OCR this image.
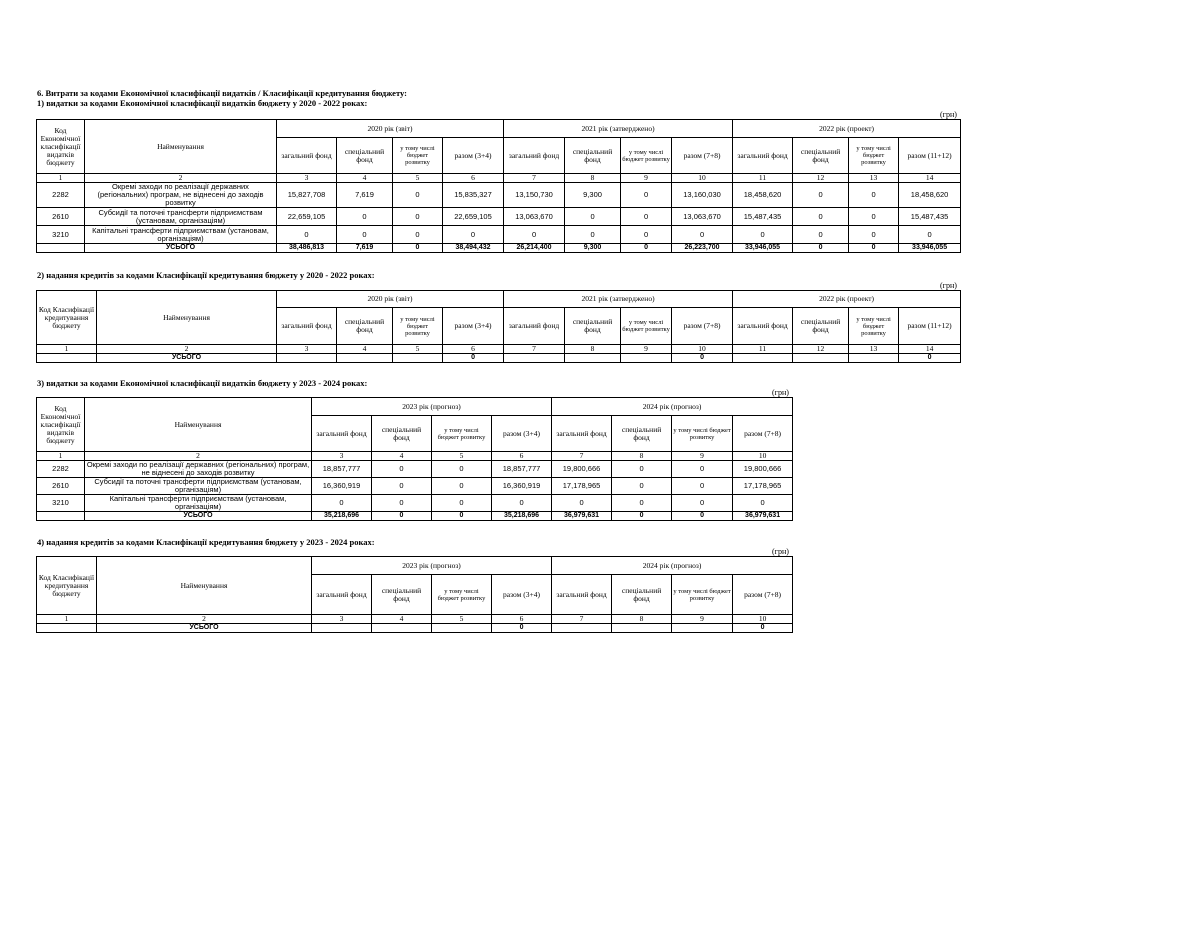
6. Витрати за кодами Економічної класифікації видатків / Класифікації кредитування бюджету:
1) видатки за кодами Економічної класифікації видатків бюджету у 2020 - 2022 роках:
(грн)
Код Економічної класифікації видатків бюджету	Найменування	2020 рік (звіт)				2021 рік (затверджено)				2022 рік (проект)			
		загальний фонд	спеціальний фонд	у тому числі бюджет розвитку	разом (3+4)	загальний фонд	спеціальний фонд	у тому числі бюджет розвитку	разом (7+8)	загальний фонд	спеціальний фонд	у тому числі бюджет розвитку	разом (11+12)
1	2	3	4	5	6	7	8	9	10	11	12	13	14
2282	Окремі заходи по реалізації державних (регіональних) програм, не віднесені до заходів розвитку	15,827,708	7,619	0	15,835,327	13,150,730	9,300	0	13,160,030	18,458,620	0	0	18,458,620
2610	Субсидії та поточні трансферти підприємствам (установам, організаціям)	22,659,105	0	0	22,659,105	13,063,670	0	0	13,063,670	15,487,435	0	0	15,487,435
3210	Капітальні трансферти підприємствам (установам, організаціям)	0	0	0	0	0	0	0	0	0	0	0	0
	УСЬОГО	38,486,813	7,619	0	38,494,432	26,214,400	9,300	0	26,223,700	33,946,055	0	0	33,946,055
2) надання кредитів за кодами Класифікації кредитування бюджету у 2020 - 2022 роках:
(грн)
Код Класифікації кредитування бюджету	Найменування	2020 рік (звіт)				2021 рік (затверджено)				2022 рік (проект)			
		загальний фонд	спеціальний фонд	у тому числі бюджет розвитку	разом (3+4)	загальний фонд	спеціальний фонд	у тому числі бюджет розвитку	разом (7+8)	загальний фонд	спеціальний фонд	у тому числі бюджет розвитку	разом (11+12)
1	2	3	4	5	6	7	8	9	10	11	12	13	14
	УСЬОГО				0				0				0
3) видатки за кодами Економічної класифікації видатків бюджету у 2023 - 2024 роках:
(грн)
Код Економічної класифікації видатків бюджету	Найменування	2023 рік (прогноз)				2024 рік (прогноз)			
		загальний фонд	спеціальний фонд	у тому числі бюджет розвитку	разом (3+4)	загальний фонд	спеціальний фонд	у тому числі бюджет розвитку	разом (7+8)
1	2	3	4	5	6	7	8	9	10
2282	Окремі заходи по реалізації державних (регіональних) програм, не віднесені до заходів розвитку	18,857,777	0	0	18,857,777	19,800,666	0	0	19,800,666
2610	Субсидії та поточні трансферти підприємствам (установам, організаціям)	16,360,919	0	0	16,360,919	17,178,965	0	0	17,178,965
3210	Капітальні трансферти підприємствам (установам, організаціям)	0	0	0	0	0	0	0	0
	УСЬОГО	35,218,696	0	0	35,218,696	36,979,631	0	0	36,979,631
4) надання кредитів за кодами Класифікації кредитування бюджету у 2023 - 2024 роках:
(грн)
Код Класифікації кредитування бюджету	Найменування	2023 рік (прогноз)				2024 рік (прогноз)			
		загальний фонд	спеціальний фонд	у тому числі бюджет розвитку	разом (3+4)	загальний фонд	спеціальний фонд	у тому числі бюджет розвитку	разом (7+8)
1	2	3	4	5	6	7	8	9	10
	УСЬОГО				0				0
